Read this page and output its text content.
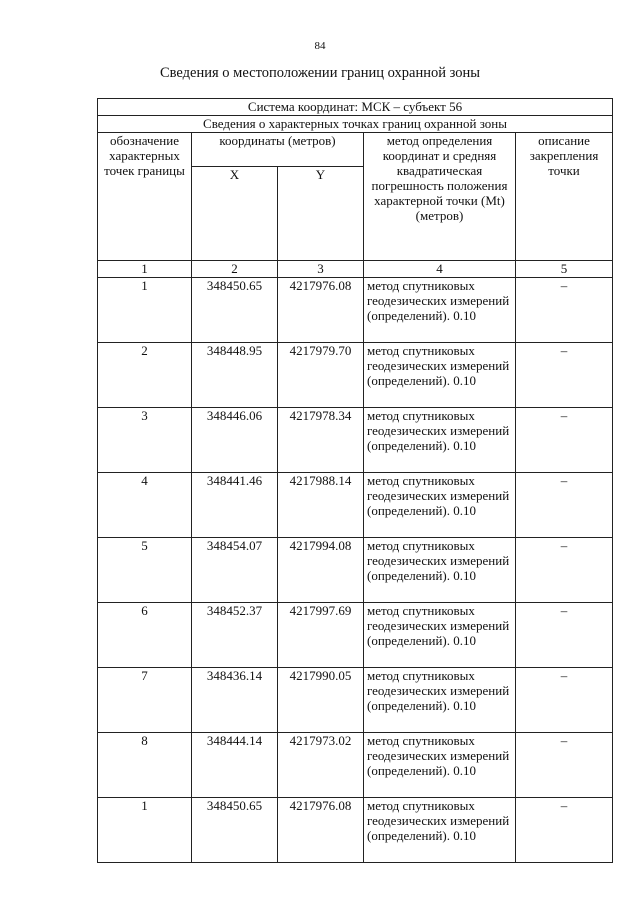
84
Сведения о местоположении границ охранной зоны
Система координат: МСК – субъект 56				
Сведения о характерных точках границ охранной зоны				
обозначение характерных точек границы	координаты (метров)		метод определения координат и средняя квадратическая погрешность положения характерной точки (Mt) (метров)	описание закрепления точки
	X	Y		
1	2	3	4	5
1	348450.65	4217976.08	метод спутниковых геодезических измерений (определений). 0.10	–
2	348448.95	4217979.70	метод спутниковых геодезических измерений (определений). 0.10	–
3	348446.06	4217978.34	метод спутниковых геодезических измерений (определений). 0.10	–
4	348441.46	4217988.14	метод спутниковых геодезических измерений (определений). 0.10	–
5	348454.07	4217994.08	метод спутниковых геодезических измерений (определений). 0.10	–
6	348452.37	4217997.69	метод спутниковых геодезических измерений (определений). 0.10	–
7	348436.14	4217990.05	метод спутниковых геодезических измерений (определений). 0.10	–
8	348444.14	4217973.02	метод спутниковых геодезических измерений (определений). 0.10	–
1	348450.65	4217976.08	метод спутниковых геодезических измерений (определений). 0.10	–
